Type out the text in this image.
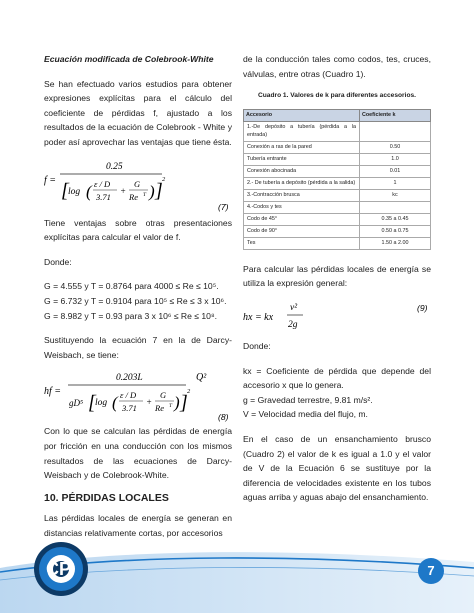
Ecuación modificada de Colebrook-White

Se han efectuado varios estudios para obtener expresiones explícitas para el cálculo del coeficiente de pérdidas f, ajustado a los resultados de la ecuación de Colebrook - White y poder así aprovechar las ventajas que tiene ésta.

f =
0.25
[ log ( ε / D
3.71
+
G
Re T ) ]
2
(7)

Tiene ventajas sobre otras presentaciones explícitas para calcular el valor de f.

Donde:

G = 4.555 y T = 0.8764 para 4000 ≤ Re ≤ 10⁵.

G = 6.732 y T = 0.9104 para 10⁵ ≤ Re ≤ 3 x 10⁶.

G = 8.982 y T = 0.93 para 3 x 10⁶ ≤ Re ≤ 10⁸.

Sustituyendo la ecuación 7 en la de Darcy-Weisbach, se tiene:

hf =
0.203L
gD⁵ [ log ( ε / D
3.71
+
G
Re T ) ]
2
Q²
(8)

Con lo que se calculan las pérdidas de energía por fricción en una conducción con los mismos resultados de las ecuaciones de Darcy-Weisbach y de Colebrook-White.

10. PÉRDIDAS LOCALES

Las pérdidas locales de energía se generan en distancias relativamente cortas, por accesorios

de la conducción tales como codos, tes, cruces, válvulas, entre otras (Cuadro 1).

Cuadro 1. Valores de k para diferentes accesorios.

Accesorio	Coeficiente k
1.-De depósito a tubería (pérdida a la entrada)	
Conexión a ras de la pared	0.50
Tubería entrante	1.0
Conexión abocinada	0.01
2.- De tubería a depósito (pérdida a la salida)	1
3.-Contracción brusca	kc
4.-Codos y tes	
Codo de 45°	0.35 a 0.45
Codo de 90°	0.50 a 0.75
Tes	1.50 a 2.00

Para calcular las pérdidas locales de energía se utiliza la expresión general:

hx = kx
v²
2g
(9)

Donde:

kx = Coeficiente de pérdida que depende del accesorio x que lo genera.

g = Gravedad terrestre, 9.81 m/s².

V = Velocidad media del flujo, m.

En el caso de un ensanchamiento brusco (Cuadro 2) el valor de k es igual a 1.0 y el valor de V de la Ecuación 6 se sustituye por la diferencia de velocidades existente en los tubos aguas arriba y aguas abajo del ensanchamiento.

CP	7
